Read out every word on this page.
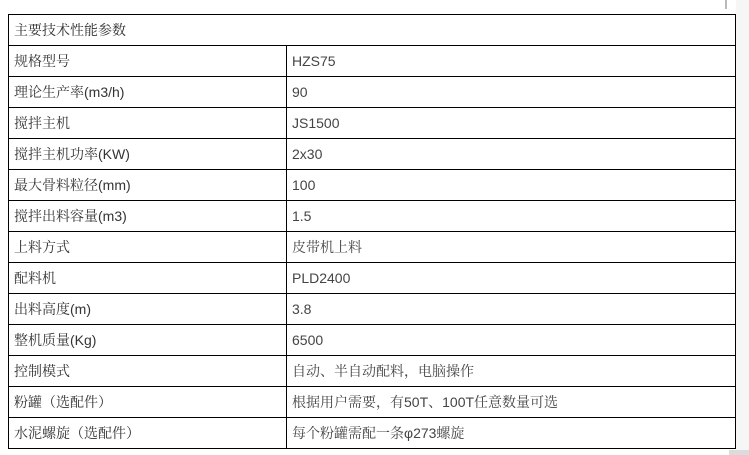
主要技术性能参数	
规格型号	HZS75
理论生产率(m3/h)	90
搅拌主机	JS1500
搅拌主机功率(KW)	2x30
最大骨料粒径(mm)	100
搅拌出料容量(m3)	1.5
上料方式	皮带机上料
配料机	PLD2400
出料高度(m)	3.8
整机质量(Kg)	6500
控制模式	自动、半自动配料，电脑操作
粉罐（选配件）	根据用户需要，有50T、100T任意数量可选
水泥螺旋（选配件）	每个粉罐需配一条φ273螺旋
